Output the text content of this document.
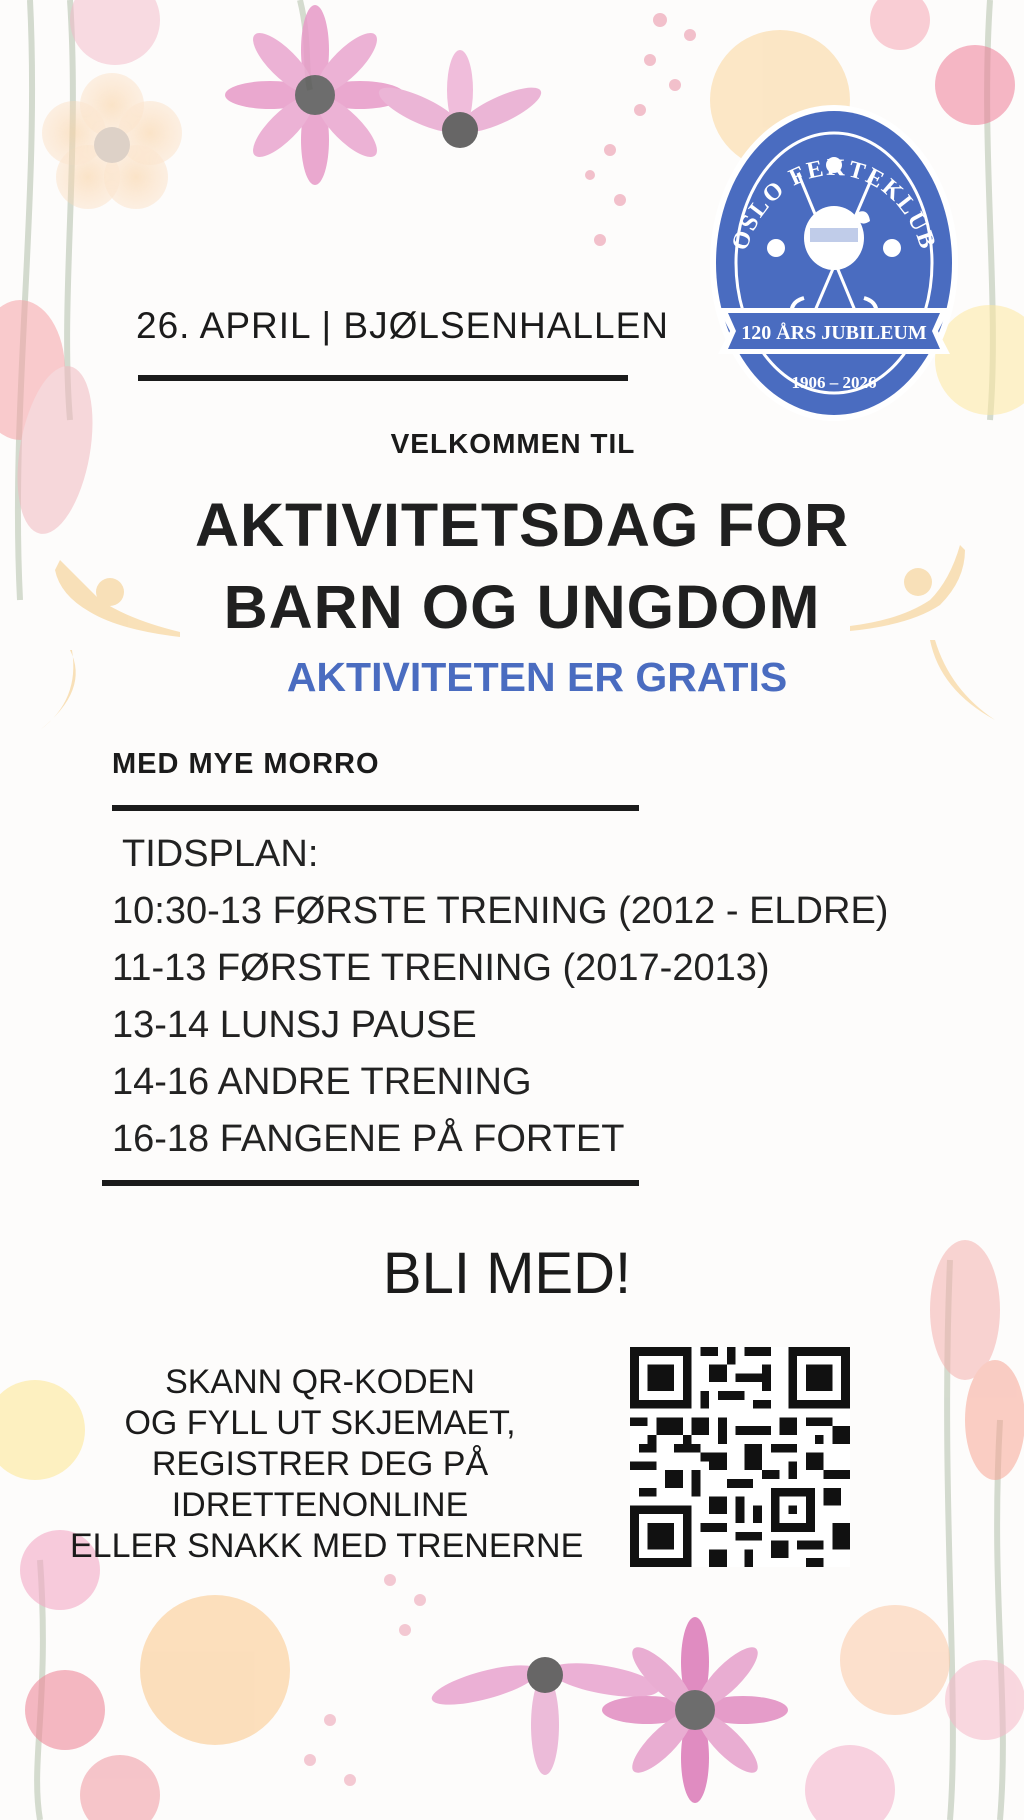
OSLO FEKTEKLUB
120 ÅRS JUBILEUM
1906 – 2026
26. APRIL | BJØLSENHALLEN
VELKOMMEN TIL
AKTIVITETSDAG FOR
BARN OG UNGDOM
AKTIVITETEN ER GRATIS
MED MYE MORRO
TIDSPLAN:
10:30-13 FØRSTE TRENING (2012 - ELDRE)
11-13 FØRSTE TRENING (2017-2013)
13-14 LUNSJ PAUSE
14-16 ANDRE TRENING
16-18 FANGENE PÅ FORTET
BLI MED!
SKANN QR-KODEN
OG FYLL UT SKJEMAET,
REGISTRER DEG PÅ
IDRETTENONLINE
ELLER SNAKK MED TRENERNE
